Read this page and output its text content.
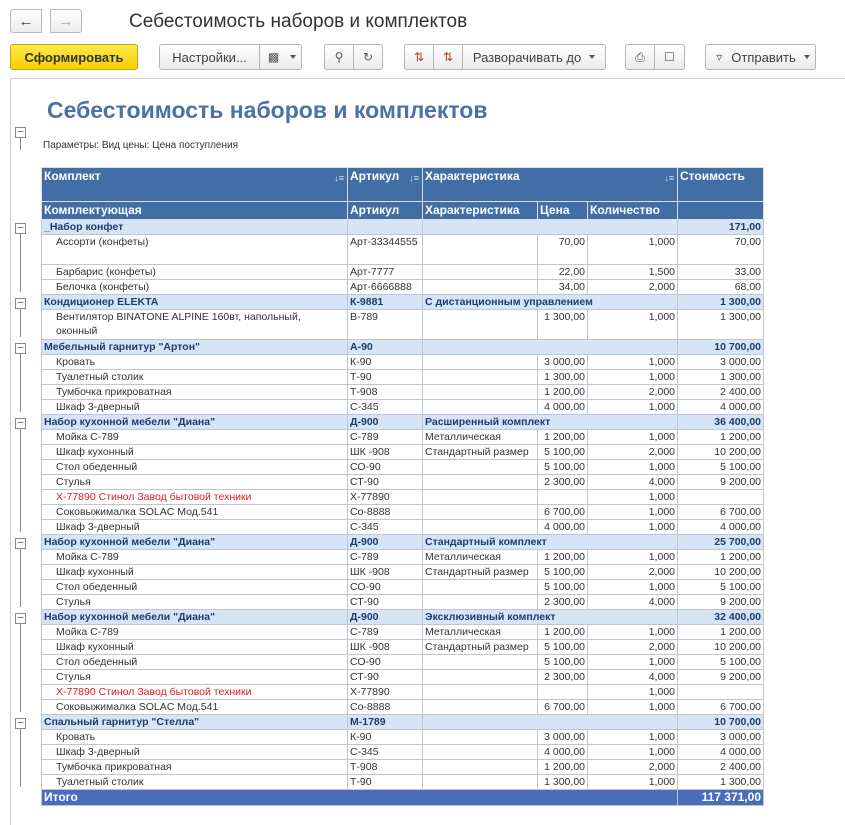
← →	Себестоимость наборов и комплектов
Сформировать	Настройки...	▩	⚲	↻	⇅ ⇅ Разворачивать до	⎙ ☐	▿ Отправить
Себестоимость наборов и комплектов
–
Параметры: Вид цены: Цена поступления
–
–
–
–
–
–
–
Комплект ↓≡	Артикул ↓≡	Характеристика ↓≡			Стоимость
Комплектующая	Артикул	Характеристика	Цена	Количество	
_Набор конфет					171,00
Ассорти (конфеты)	Арт-33344555		70,00	1,000	70,00
Барбарис (конфеты)	Арт-7777		22,00	1,500	33,00
Белочка (конфеты)	Арт-6666888		34,00	2,000	68,00
Кондиционер ELEKTA	К-9881	С дистанционным управлением			1 300,00
Вентилятор BINATONE ALPINE 160вт, напольный, оконный	В-789		1 300,00	1,000	1 300,00
Мебельный гарнитур "Артон"	А-90				10 700,00
Кровать	К-90		3 000,00	1,000	3 000,00
Туалетный столик	Т-90		1 300,00	1,000	1 300,00
Тумбочка прикроватная	Т-908		1 200,00	2,000	2 400,00
Шкаф 3-дверный	С-345		4 000,00	1,000	4 000,00
Набор кухонной мебели "Диана"	Д-900	Расширенный комплект			36 400,00
Мойка С-789	С-789	Металлическая	1 200,00	1,000	1 200,00
Шкаф кухонный	ШК -908	Стандартный размер	5 100,00	2,000	10 200,00
Стол обеденный	СО-90		5 100,00	1,000	5 100,00
Стулья	СТ-90		2 300,00	4,000	9 200,00
Х-77890 Стинол Завод бытовой техники	Х-77890			1,000	
Соковыжималка SOLAC Мод.541	Со-8888		6 700,00	1,000	6 700,00
Шкаф 3-дверный	С-345		4 000,00	1,000	4 000,00
Набор кухонной мебели "Диана"	Д-900	Стандартный комплект			25 700,00
Мойка С-789	С-789	Металлическая	1 200,00	1,000	1 200,00
Шкаф кухонный	ШК -908	Стандартный размер	5 100,00	2,000	10 200,00
Стол обеденный	СО-90		5 100,00	1,000	5 100,00
Стулья	СТ-90		2 300,00	4,000	9 200,00
Набор кухонной мебели "Диана"	Д-900	Эксклюзивный комплект			32 400,00
Мойка С-789	С-789	Металлическая	1 200,00	1,000	1 200,00
Шкаф кухонный	ШК -908	Стандартный размер	5 100,00	2,000	10 200,00
Стол обеденный	СО-90		5 100,00	1,000	5 100,00
Стулья	СТ-90		2 300,00	4,000	9 200,00
Х-77890 Стинол Завод бытовой техники	Х-77890			1,000	
Соковыжималка SOLAC Мод.541	Со-8888		6 700,00	1,000	6 700,00
Спальный гарнитур "Стелла"	М-1789				10 700,00
Кровать	К-90		3 000,00	1,000	3 000,00
Шкаф 3-дверный	С-345		4 000,00	1,000	4 000,00
Тумбочка прикроватная	Т-908		1 200,00	2,000	2 400,00
Туалетный столик	Т-90		1 300,00	1,000	1 300,00
Итого					117 371,00
